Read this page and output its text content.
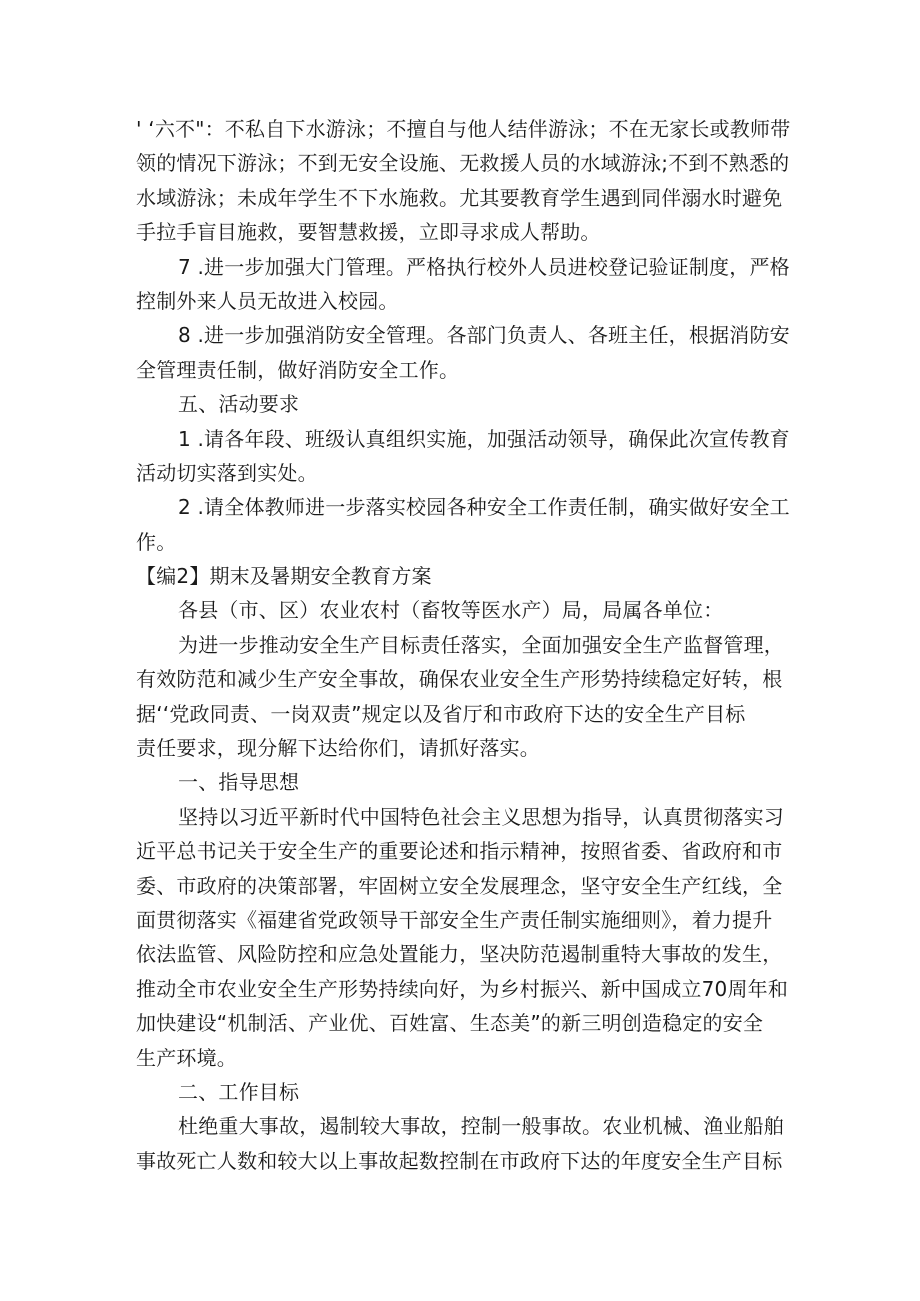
' ‘六不"：不私自下水游泳；不擅自与他人结伴游泳；不在无家长或教师带
领的情况下游泳；不到无安全设施、无救援人员的水域游泳;不到不熟悉的
水域游泳；未成年学生不下水施救。尤其要教育学生遇到同伴溺水时避免
手拉手盲目施救，要智慧救援，立即寻求成人帮助。
7 .进一步加强大门管理。严格执行校外人员进校登记验证制度，严格
控制外来人员无故进入校园。
8 .进一步加强消防安全管理。各部门负责人、各班主任，根据消防安
全管理责任制，做好消防安全工作。
五、活动要求
1 .请各年段、班级认真组织实施，加强活动领导，确保此次宣传教育
活动切实落到实处。
2 .请全体教师进一步落实校园各种安全工作责任制，确实做好安全工
作。
【编2】期末及暑期安全教育方案
各县（市、区）农业农村（畜牧等医水产）局，局属各单位：
为进一步推动安全生产目标责任落实，全面加强安全生产监督管理，
有效防范和减少生产安全事故，确保农业安全生产形势持续稳定好转，根
据‘‘党政同责、一岗双责”规定以及省厅和市政府下达的安全生产目标
责任要求，现分解下达给你们，请抓好落实。
一、指导思想
坚持以习近平新时代中国特色社会主义思想为指导，认真贯彻落实习
近平总书记关于安全生产的重要论述和指示精神，按照省委、省政府和市
委、市政府的决策部署，牢固树立安全发展理念，坚守安全生产红线，全
面贯彻落实《福建省党政领导干部安全生产责任制实施细则》，着力提升
依法监管、风险防控和应急处置能力，坚决防范遏制重特大事故的发生，
推动全市农业安全生产形势持续向好，为乡村振兴、新中国成立70周年和
加快建设“机制活、产业优、百姓富、生态美”的新三明创造稳定的安全
生产环境。
二、工作目标
杜绝重大事故，遏制较大事故，控制一般事故。农业机械、渔业船舶
事故死亡人数和较大以上事故起数控制在市政府下达的年度安全生产目标
